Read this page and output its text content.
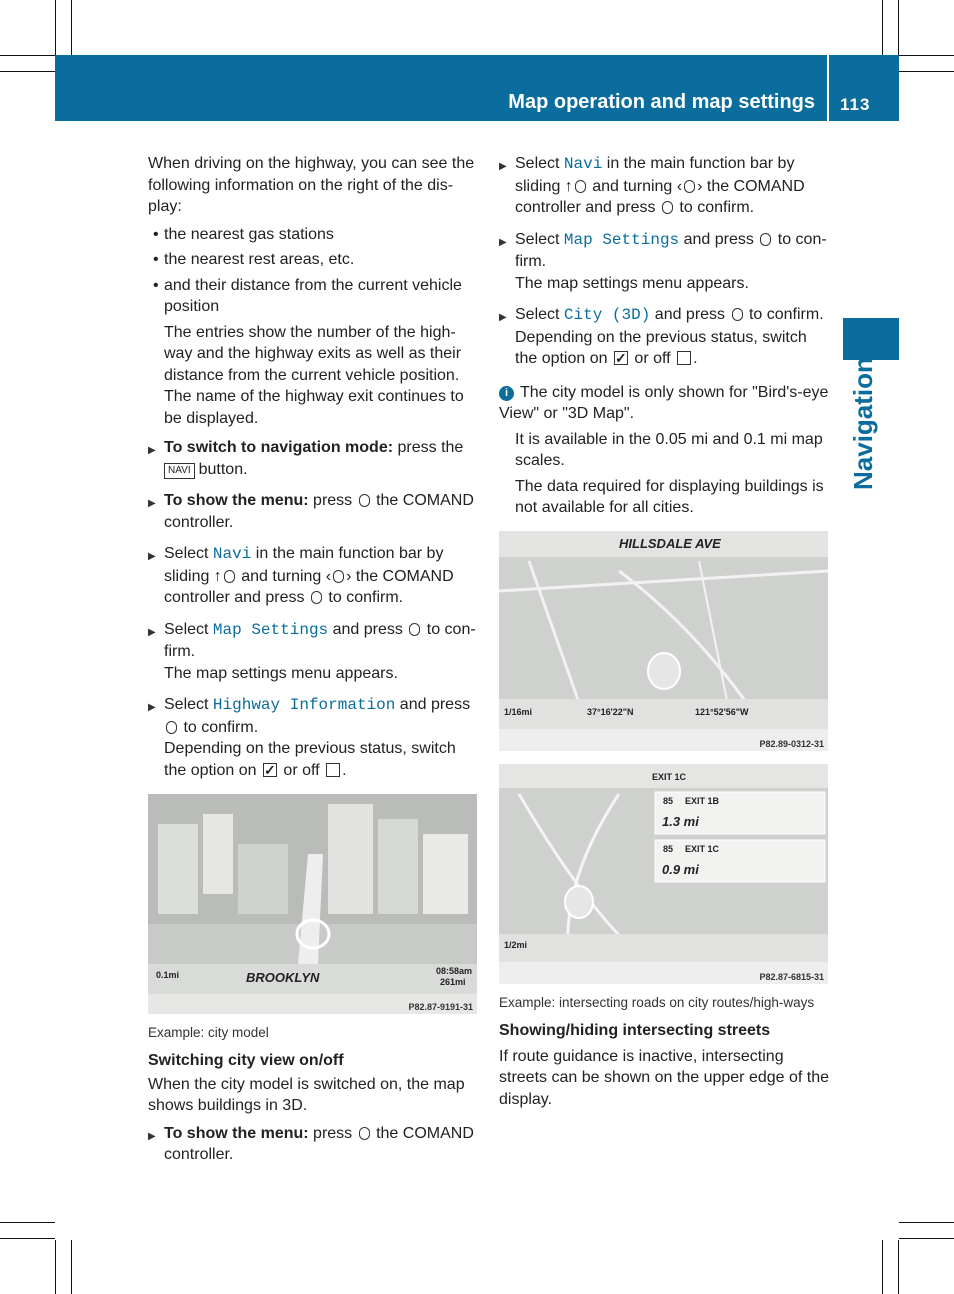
Map operation and map settings 113
Navigation

When driving on the highway, you can see the following information on the right of the dis-play:

• the nearest gas stations
• the nearest rest areas, etc.
• and their distance from the current vehicle position

The entries show the number of the high-way and the highway exits as well as their distance from the current vehicle position. The name of the highway exit continues to be displayed.

▶ To switch to navigation mode: press the
NAVI button.
▶ To show the menu: press the COMAND controller.
▶ Select Navi in the main function bar by sliding ↑ and turning ‹ › the COMAND controller and press  to confirm.
▶ Select Map Settings and press  to con-firm.
The map settings menu appears.
▶ Select Highway Information and press
to confirm.
Depending on the previous status, switch the option on ✓ or off .
0.1mi	BROOKLYN	08:58am
261mi
P82.87-9191-31

Example: city model

Switching city view on/off

When the city model is switched on, the map shows buildings in 3D.

▶ To show the menu: press the COMAND controller.
▶ Select Navi in the main function bar by sliding ↑ and turning ‹ › the COMAND controller and press  to confirm.
▶ Select Map Settings and press  to con-firm.
The map settings menu appears.
▶ Select City (3D) and press  to confirm.
Depending on the previous status, switch the option on ✓ or off .

i The city model is only shown for "Bird's-eye View" or "3D Map".

It is available in the 0.05 mi and 0.1 mi map scales.

The data required for displaying buildings is not available for all cities.

HILLSDALE AVE
1/16mi	37°16'22"N	121°52'56"W
P82.89-0312-31
EXIT 1C
85 EXIT 1B
1.3 mi
85 EXIT 1C
0.9 mi
1/2mi
P82.87-6815-31

Example: intersecting roads on city routes/high-ways

Showing/hiding intersecting streets

If route guidance is inactive, intersecting streets can be shown on the upper edge of the display.
